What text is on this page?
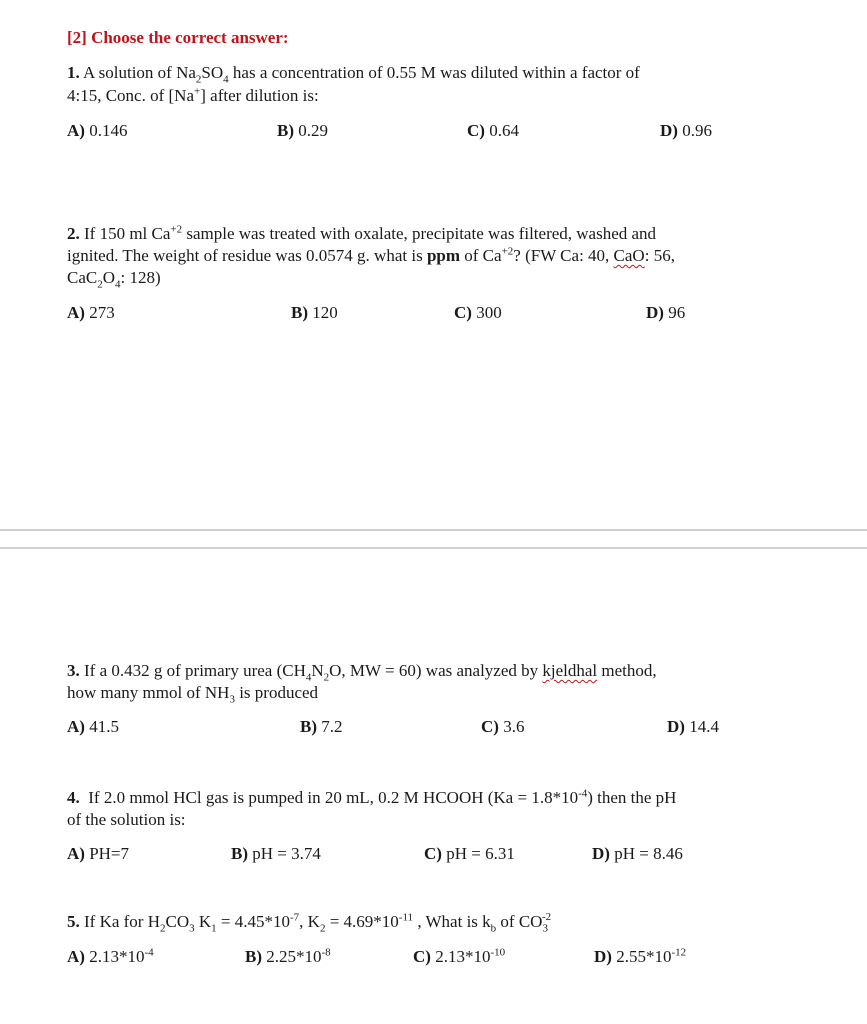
[2] Choose the correct answer:
1. A solution of $Na_2SO_4$ has a concentration of 0.55 M was diluted within a factor of
4:15, Conc. of [Na+] after dilution is:
A) 0.146	B) 0.29	C) 0.64	D) 0.96
2. If 150 ml $Ca^{+2}$ sample was treated with oxalate, precipitate was filtered, washed and
ignited. The weight of residue was 0.0574 g. what is ppm of $Ca^{+2}$? (FW Ca: 40, CaO: 56,
$CaC_2O_4$: 128)
A) 273	B) 120	C) 300	D) 96
3. If a 0.432 g of primary urea ($CH_4N_2O$, MW = 60) was analyzed by kjeldhal method,
how many mmol of $NH_3$ is produced
A) 41.5	B) 7.2	C) 3.6	D) 14.4
4.  If 2.0 mmol HCl gas is pumped in 20 mL, 0.2 M HCOOH $(Ka = 1.8*10^{-4})$ then the pH
of the solution is:
A) PH=7	B) pH = 3.74	C) pH = 6.31	D) pH = 8.46
5. If Ka for $H_2CO_3$ $K_1 = 4.45*10^{-7}$, $K_2 = 4.69*10^{-11}$ , What is $k_b$ of $CO_3^{-2}$
A) $2.13*10^{-4}$	B) $2.25*10^{-8}$	C) $2.13*10^{-10}$	D) $2.55*10^{-12}$
